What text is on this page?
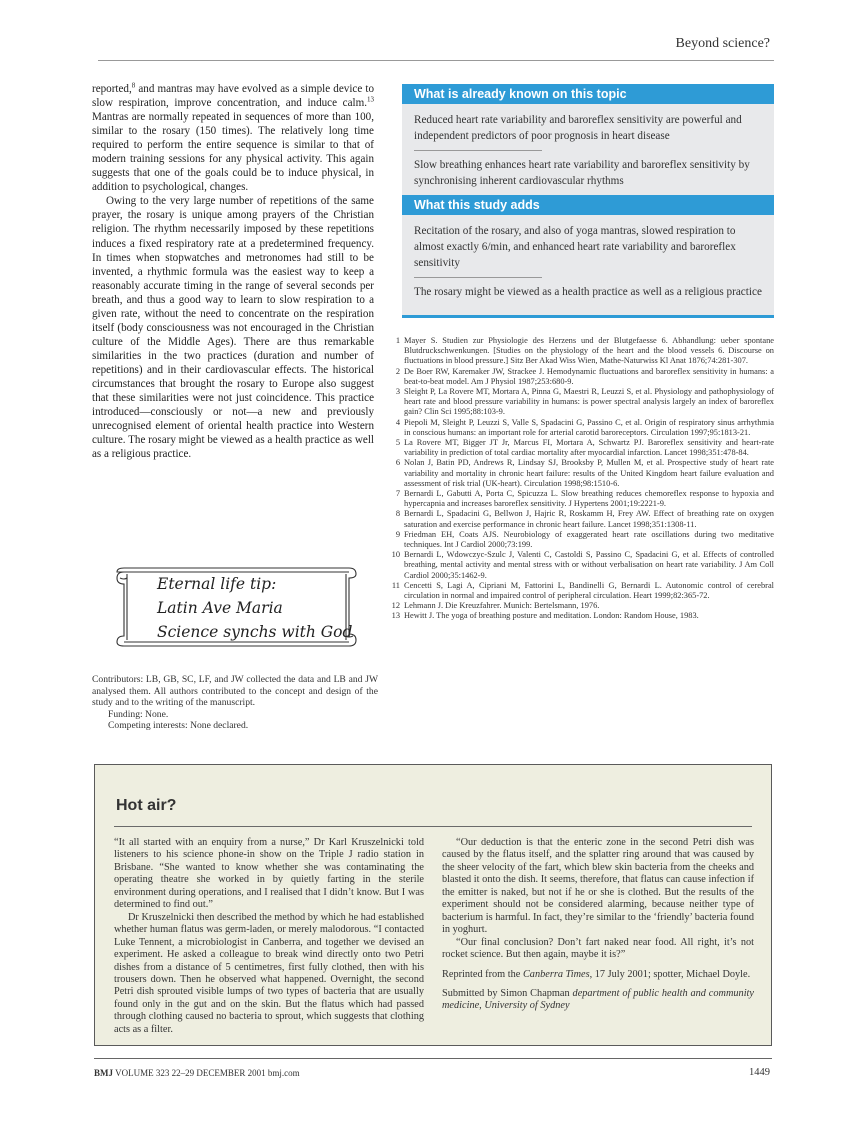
Beyond science?

reported,$^8$ and mantras may have evolved as a simple device to slow respiration, improve concentration, and induce calm.$^{13}$ Mantras are normally repeated in sequences of more than 100, similar to the rosary (150 times). The relatively long time required to perform the entire sequence is similar to that of modern training sessions for any physical activity. This again suggests that one of the goals could be to induce physical, in addition to psychological, changes.

Owing to the very large number of repetitions of the same prayer, the rosary is unique among prayers of the Christian religion. The rhythm necessarily imposed by these repetitions induces a fixed respiratory rate at a predetermined frequency. In times when stopwatches and metronomes had still to be invented, a rhythmic formula was the easiest way to keep a reasonably accurate timing in the range of several seconds per breath, and thus a good way to learn to slow respiration to a given rate, without the need to concentrate on the respiration itself (body consciousness was not encouraged in the Christian culture of the Middle Ages). There are thus remarkable similarities in the two practices (duration and number of repetitions) and in their cardiovascular effects. The historical circumstances that brought the rosary to Europe also suggest that these similarities were not just coincidence. This practice introduced—consciously or not—a new and previously unrecognised element of oriental health practice into Western culture. The rosary might be viewed as a health practice as well as a religious practice.

What is already known on this topic
Reduced heart rate variability and baroreflex sensitivity are powerful and independent predictors of poor prognosis in heart disease
Slow breathing enhances heart rate variability and baroreflex sensitivity by synchronising inherent cardiovascular rhythms
What this study adds
Recitation of the rosary, and also of yoga mantras, slowed respiration to almost exactly 6/min, and enhanced heart rate variability and baroreflex sensitivity
The rosary might be viewed as a health practice as well as a religious practice
1 Mayer S. Studien zur Physiologie des Herzens und der Blutgefaesse 6. Abhandlung: ueber spontane Blutdruckschwenkungen. [Studies on the physiology of the heart and the blood vessels 6. Discourse on fluctuations in blood pressure.] Sitz Ber Akad Wiss Wien, Mathe-Naturwiss Kl Anat 1876;74:281-307.
2 De Boer RW, Karemaker JW, Strackee J. Hemodynamic fluctuations and baroreflex sensitivity in humans: a beat-to-beat model. Am J Physiol 1987;253:680-9.
3 Sleight P, La Rovere MT, Mortara A, Pinna G, Maestri R, Leuzzi S, et al. Physiology and pathophysiology of heart rate and blood pressure variability in humans: is power spectral analysis largely an index of baroreflex gain? Clin Sci 1995;88:103-9.
4 Piepoli M, Sleight P, Leuzzi S, Valle S, Spadacini G, Passino C, et al. Origin of respiratory sinus arrhythmia in conscious humans: an important role for arterial carotid baroreceptors. Circulation 1997;95:1813-21.
5 La Rovere MT, Bigger JT Jr, Marcus FI, Mortara A, Schwartz PJ. Baroreflex sensitivity and heart-rate variability in prediction of total cardiac mortality after myocardial infarction. Lancet 1998;351:478-84.
6 Nolan J, Batin PD, Andrews R, Lindsay SJ, Brooksby P, Mullen M, et al. Prospective study of heart rate variability and mortality in chronic heart failure: results of the United Kingdom heart failure evaluation and assessment of risk trial (UK-heart). Circulation 1998;98:1510-6.
7 Bernardi L, Gabutti A, Porta C, Spicuzza L. Slow breathing reduces chemoreflex response to hypoxia and hypercapnia and increases baroreflex sensitivity. J Hypertens 2001;19:2221-9.
8 Bernardi L, Spadacini G, Bellwon J, Hajric R, Roskamm H, Frey AW. Effect of breathing rate on oxygen saturation and exercise performance in chronic heart failure. Lancet 1998;351:1308-11.
9 Friedman EH, Coats AJS. Neurobiology of exaggerated heart rate oscillations during two meditative techniques. Int J Cardiol 2000;73:199.
10 Bernardi L, Wdowczyc-Szulc J, Valenti C, Castoldi S, Passino C, Spadacini G, et al. Effects of controlled breathing, mental activity and mental stress with or without verbalisation on heart rate variability. J Am Coll Cardiol 2000;35:1462-9.
11 Cencetti S, Lagi A, Cipriani M, Fattorini L, Bandinelli G, Bernardi L. Autonomic control of cerebral circulation in normal and impaired control of peripheral circulation. Heart 1999;82:365-72.
12 Lehmann J. Die Kreuzfahrer. Munich: Bertelsmann, 1976.
13 Hewitt J. The yoga of breathing posture and meditation. London: Random House, 1983.
Eternal life tip:
Latin Ave Maria
Science synchs with God

Contributors: LB, GB, SC, LF, and JW collected the data and LB and JW analysed them. All authors contributed to the concept and design of the study and to the writing of the manuscript.

Funding: None.

Competing interests: None declared.

Hot air?

“It all started with an enquiry from a nurse,” Dr Karl Kruszelnicki told listeners to his science phone-in show on the Triple J radio station in Brisbane. “She wanted to know whether she was contaminating the operating theatre she worked in by quietly farting in the sterile environment during operations, and I realised that I didn’t know. But I was determined to find out.”

Dr Kruszelnicki then described the method by which he had established whether human flatus was germ-laden, or merely malodorous. “I contacted Luke Tennent, a microbiologist in Canberra, and together we devised an experiment. He asked a colleague to break wind directly onto two Petri dishes from a distance of 5 centimetres, first fully clothed, then with his trousers down. Then he observed what happened. Overnight, the second Petri dish sprouted visible lumps of two types of bacteria that are usually found only in the gut and on the skin. But the flatus which had passed through clothing caused no bacteria to sprout, which suggests that clothing acts as a filter.

“Our deduction is that the enteric zone in the second Petri dish was caused by the flatus itself, and the splatter ring around that was caused by the sheer velocity of the fart, which blew skin bacteria from the cheeks and blasted it onto the dish. It seems, therefore, that flatus can cause infection if the emitter is naked, but not if he or she is clothed. But the results of the experiment should not be considered alarming, because neither type of bacterium is harmful. In fact, they’re similar to the ‘friendly’ bacteria found in yoghurt.

“Our final conclusion? Don’t fart naked near food. All right, it’s not rocket science. But then again, maybe it is?”

Reprinted from the Canberra Times, 17 July 2001; spotter, Michael Doyle.

Submitted by Simon Chapman department of public health and community medicine, University of Sydney

BMJ VOLUME 323 22–29 DECEMBER 2001 bmj.com	1449
